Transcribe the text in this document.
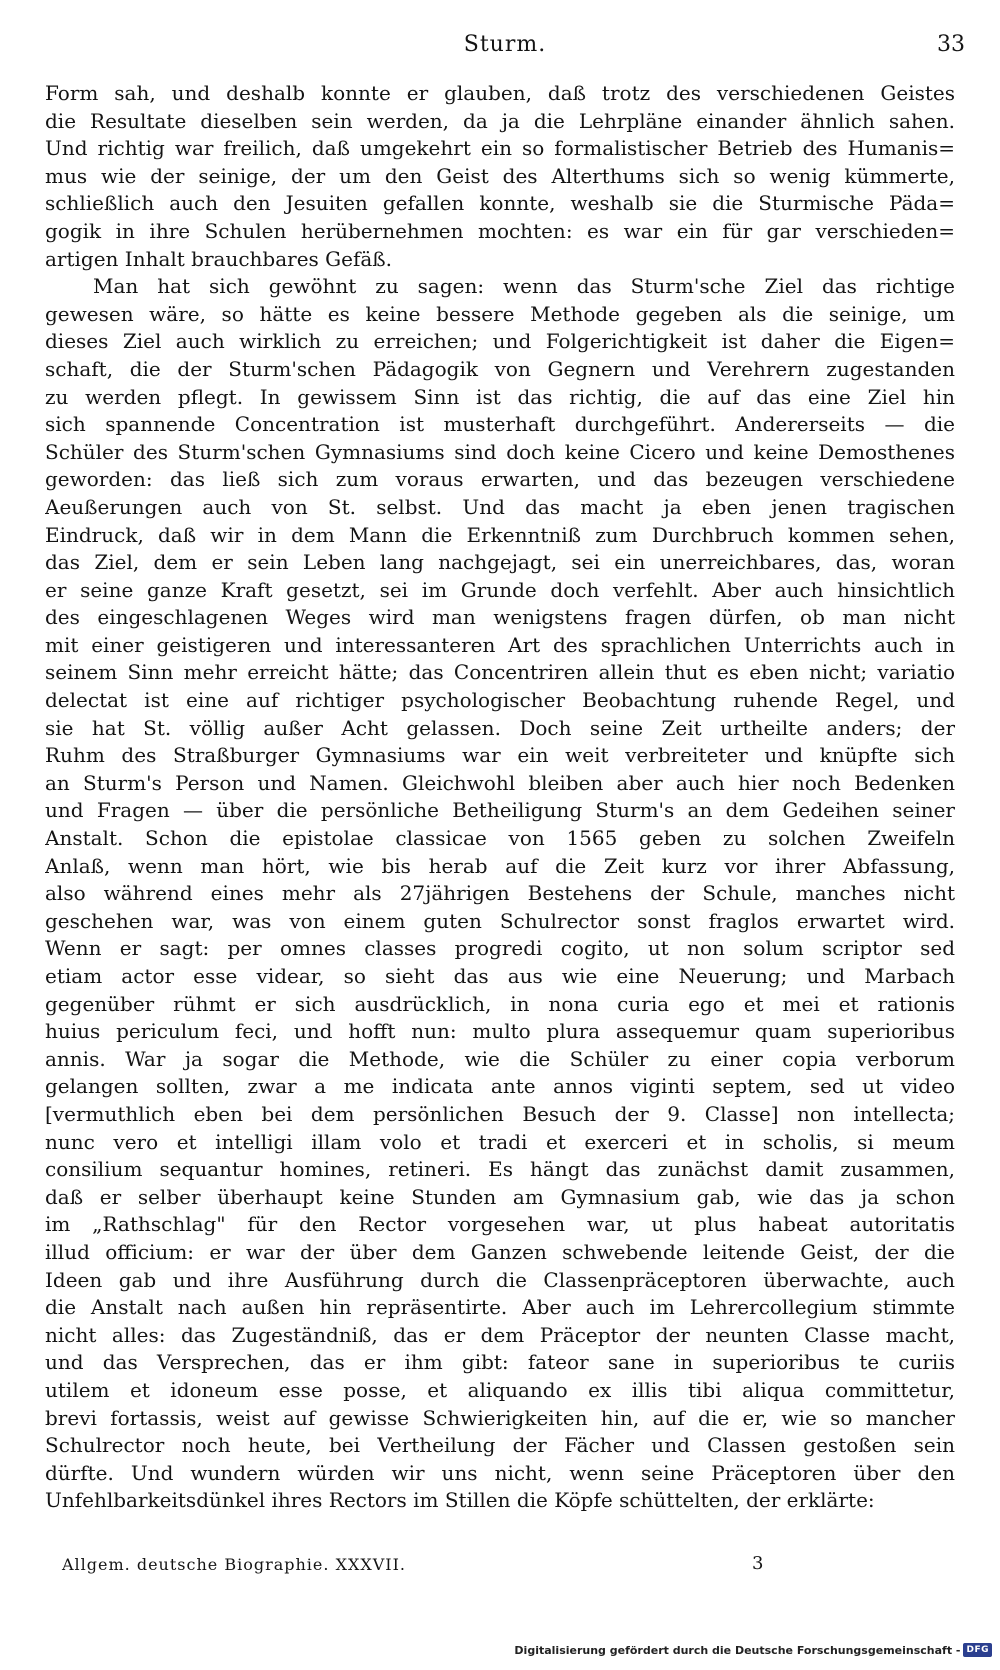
Sturm.	33
Form sah, und deshalb konnte er glauben, daß trotz des verschiedenen Geistes
die Resultate dieselben sein werden, da ja die Lehrpläne einander ähnlich sahen.
Und richtig war freilich, daß umgekehrt ein so formalistischer Betrieb des Humanis=
mus wie der seinige, der um den Geist des Alterthums sich so wenig kümmerte,
schließlich auch den Jesuiten gefallen konnte, weshalb sie die Sturmische Päda=
gogik in ihre Schulen herübernehmen mochten: es war ein für gar verschieden=
artigen Inhalt brauchbares Gefäß.
Man hat sich gewöhnt zu sagen: wenn das Sturm'sche Ziel das richtige
gewesen wäre, so hätte es keine bessere Methode gegeben als die seinige, um
dieses Ziel auch wirklich zu erreichen; und Folgerichtigkeit ist daher die Eigen=
schaft, die der Sturm'schen Pädagogik von Gegnern und Verehrern zugestanden
zu werden pflegt. In gewissem Sinn ist das richtig, die auf das eine Ziel hin
sich spannende Concentration ist musterhaft durchgeführt. Andererseits — die
Schüler des Sturm'schen Gymnasiums sind doch keine Cicero und keine Demosthenes
geworden: das ließ sich zum voraus erwarten, und das bezeugen verschiedene
Aeußerungen auch von St. selbst. Und das macht ja eben jenen tragischen
Eindruck, daß wir in dem Mann die Erkenntniß zum Durchbruch kommen sehen,
das Ziel, dem er sein Leben lang nachgejagt, sei ein unerreichbares, das, woran
er seine ganze Kraft gesetzt, sei im Grunde doch verfehlt. Aber auch hinsichtlich
des eingeschlagenen Weges wird man wenigstens fragen dürfen, ob man nicht
mit einer geistigeren und interessanteren Art des sprachlichen Unterrichts auch in
seinem Sinn mehr erreicht hätte; das Concentriren allein thut es eben nicht; variatio
delectat ist eine auf richtiger psychologischer Beobachtung ruhende Regel, und
sie hat St. völlig außer Acht gelassen. Doch seine Zeit urtheilte anders; der
Ruhm des Straßburger Gymnasiums war ein weit verbreiteter und knüpfte sich
an Sturm's Person und Namen. Gleichwohl bleiben aber auch hier noch Bedenken
und Fragen — über die persönliche Betheiligung Sturm's an dem Gedeihen seiner
Anstalt. Schon die epistolae classicae von 1565 geben zu solchen Zweifeln
Anlaß, wenn man hört, wie bis herab auf die Zeit kurz vor ihrer Abfassung,
also während eines mehr als 27jährigen Bestehens der Schule, manches nicht
geschehen war, was von einem guten Schulrector sonst fraglos erwartet wird.
Wenn er sagt: per omnes classes progredi cogito, ut non solum scriptor sed
etiam actor esse videar, so sieht das aus wie eine Neuerung; und Marbach
gegenüber rühmt er sich ausdrücklich, in nona curia ego et mei et rationis
huius periculum feci, und hofft nun: multo plura assequemur quam superioribus
annis. War ja sogar die Methode, wie die Schüler zu einer copia verborum
gelangen sollten, zwar a me indicata ante annos viginti septem, sed ut video
[vermuthlich eben bei dem persönlichen Besuch der 9. Classe] non intellecta;
nunc vero et intelligi illam volo et tradi et exerceri et in scholis, si meum
consilium sequantur homines, retineri. Es hängt das zunächst damit zusammen,
daß er selber überhaupt keine Stunden am Gymnasium gab, wie das ja schon
im „Rathschlag" für den Rector vorgesehen war, ut plus habeat autoritatis
illud officium: er war der über dem Ganzen schwebende leitende Geist, der die
Ideen gab und ihre Ausführung durch die Classenpräceptoren überwachte, auch
die Anstalt nach außen hin repräsentirte. Aber auch im Lehrercollegium stimmte
nicht alles: das Zugeständniß, das er dem Präceptor der neunten Classe macht,
und das Versprechen, das er ihm gibt: fateor sane in superioribus te curiis
utilem et idoneum esse posse, et aliquando ex illis tibi aliqua committetur,
brevi fortassis, weist auf gewisse Schwierigkeiten hin, auf die er, wie so mancher
Schulrector noch heute, bei Vertheilung der Fächer und Classen gestoßen sein
dürfte. Und wundern würden wir uns nicht, wenn seine Präceptoren über den
Unfehlbarkeitsdünkel ihres Rectors im Stillen die Köpfe schüttelten, der erklärte:
Allgem. deutsche Biographie. XXXVII.	3
Digitalisierung gefördert durch die Deutsche Forschungsgemeinschaft - DFG
